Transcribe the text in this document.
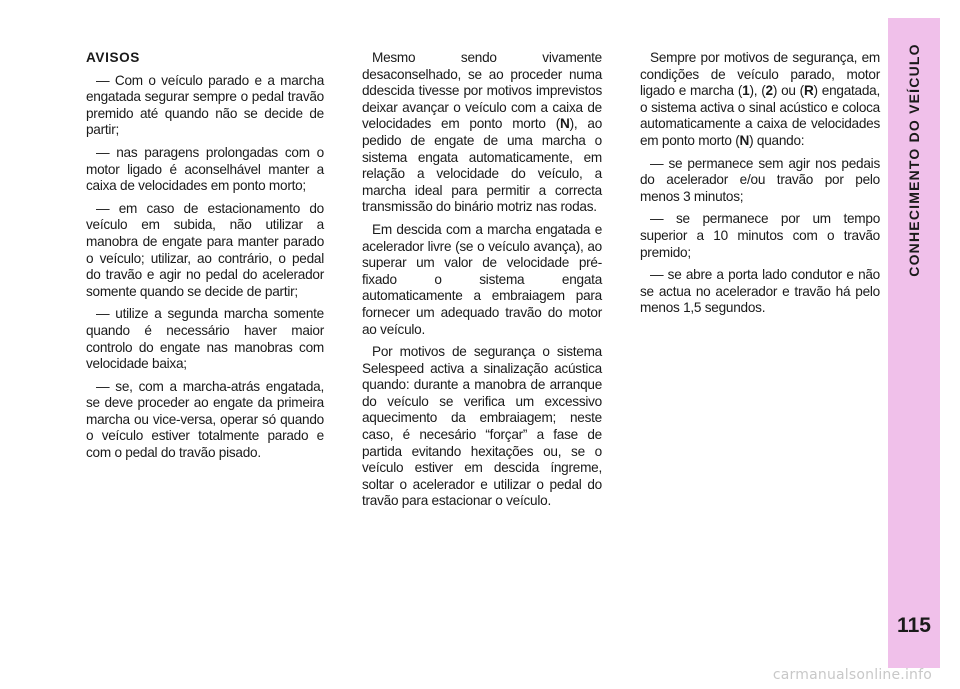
AVISOS

— Com o veículo parado e a marcha engatada segurar sempre o pedal travão premido até quando não se decide de partir;

— nas paragens prolongadas com o motor ligado é aconselhável manter a caixa de velocidades em ponto morto;

— em caso de estacionamento do veículo em subida, não utilizar a manobra de engate para manter parado o veículo; utilizar, ao contrário, o pedal do travão e agir no pedal do acelerador somente quando se decide de partir;

— utilize a segunda marcha somente quando é necessário haver maior controlo do engate nas manobras com velocidade baixa;

— se, com a marcha-atrás engatada, se deve proceder ao engate da primeira marcha ou vice-versa, operar só quando o veículo estiver totalmente parado e com o pedal do travão pisado.

Mesmo sendo vivamente desaconselhado, se ao proceder numa ddescida tivesse por motivos imprevistos deixar avançar o veículo com a caixa de velocidades em ponto morto (N), ao pedido de engate de uma marcha o sistema engata automaticamente, em relação a velocidade do veículo, a marcha ideal para permitir a correcta transmissão do binário motriz nas rodas.

Em descida com a marcha engatada e acelerador livre (se o veículo avança), ao superar um valor de velocidade pré-fixado o sistema engata automaticamente a embraiagem para fornecer um adequado travão do motor ao veículo.

Por motivos de segurança o sistema Selespeed activa a sinalização acústica quando: durante a manobra de arranque do veículo se verifica um excessivo aquecimento da embraiagem; neste caso, é necesário “forçar” a fase de partida evitando hexitações ou, se o veículo estiver em descida íngreme, soltar o acelerador e utilizar o pedal do travão para estacionar o veículo.

Sempre por motivos de segurança, em condições de veículo parado, motor ligado e marcha (1), (2) ou (R) engatada, o sistema activa o sinal acústico e coloca automaticamente a caixa de velocidades em ponto morto (N) quando:

— se permanece sem agir nos pedais do acelerador e/ou travão por pelo menos 3 minutos;

— se permanece por um tempo superior a 10 minutos com o travão premido;

— se abre a porta lado condutor e não se actua no acelerador e travão há pelo menos 1,5 segundos.

CONHECIMENTO DO VEÍCULO
115
carmanualsonline.info
